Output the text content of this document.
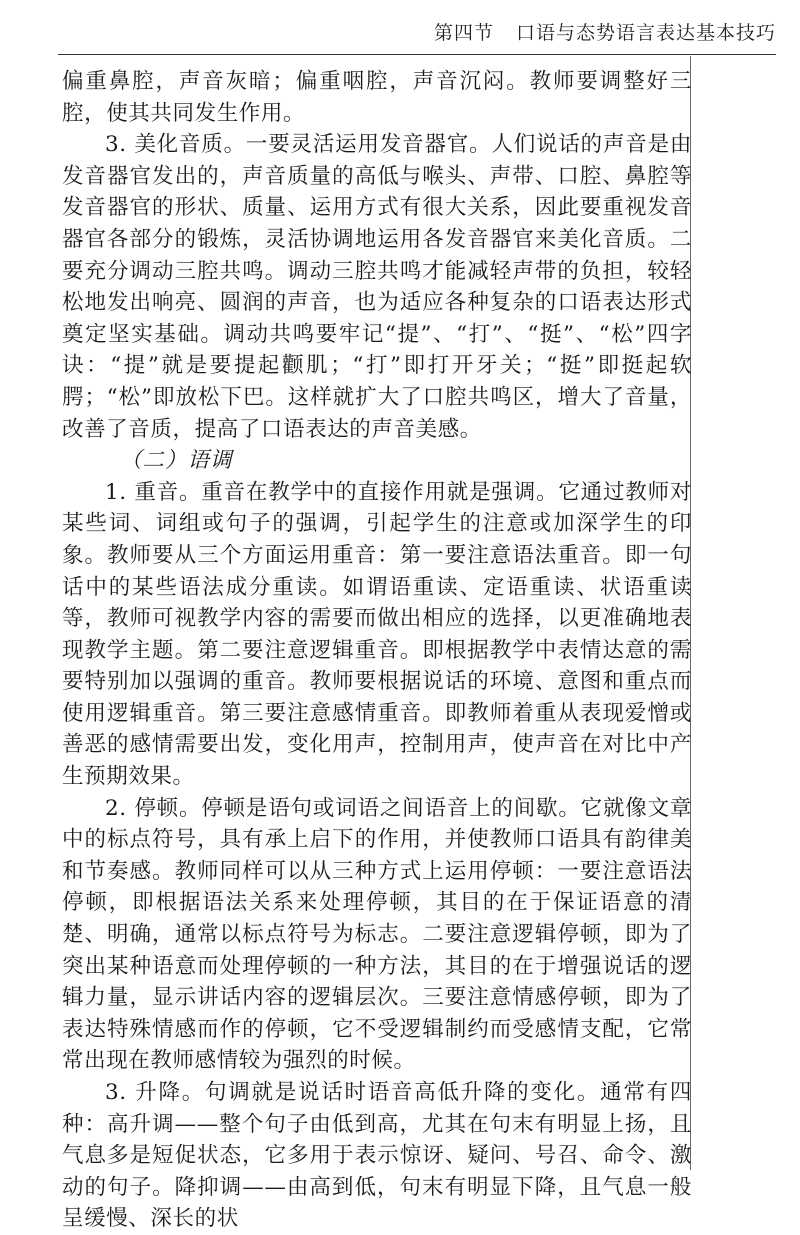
第四节 口语与态势语言表达基本技巧

偏重鼻腔，声音灰暗；偏重咽腔，声音沉闷。教师要调整好三腔，使其共同发生作用。

3. 美化音质。一要灵活运用发音器官。人们说话的声音是由发音器官发出的，声音质量的高低与喉头、声带、口腔、鼻腔等发音器官的形状、质量、运用方式有很大关系，因此要重视发音器官各部分的锻炼，灵活协调地运用各发音器官来美化音质。二要充分调动三腔共鸣。调动三腔共鸣才能减轻声带的负担，较轻松地发出响亮、圆润的声音，也为适应各种复杂的口语表达形式奠定坚实基础。调动共鸣要牢记“提”、“打”、“挺”、“松”四字诀：“提”就是要提起颧肌；“打”即打开牙关；“挺”即挺起软腭；“松”即放松下巴。这样就扩大了口腔共鸣区，增大了音量，改善了音质，提高了口语表达的声音美感。

（二）语调

1. 重音。重音在教学中的直接作用就是强调。它通过教师对某些词、词组或句子的强调，引起学生的注意或加深学生的印象。教师要从三个方面运用重音：第一要注意语法重音。即一句话中的某些语法成分重读。如谓语重读、定语重读、状语重读等，教师可视教学内容的需要而做出相应的选择，以更准确地表现教学主题。第二要注意逻辑重音。即根据教学中表情达意的需要特别加以强调的重音。教师要根据说话的环境、意图和重点而使用逻辑重音。第三要注意感情重音。即教师着重从表现爱憎或善恶的感情需要出发，变化用声，控制用声，使声音在对比中产生预期效果。

2. 停顿。停顿是语句或词语之间语音上的间歇。它就像文章中的标点符号，具有承上启下的作用，并使教师口语具有韵律美和节奏感。教师同样可以从三种方式上运用停顿：一要注意语法停顿，即根据语法关系来处理停顿，其目的在于保证语意的清楚、明确，通常以标点符号为标志。二要注意逻辑停顿，即为了突出某种语意而处理停顿的一种方法，其目的在于增强说话的逻辑力量，显示讲话内容的逻辑层次。三要注意情感停顿，即为了表达特殊情感而作的停顿，它不受逻辑制约而受感情支配，它常常出现在教师感情较为强烈的时候。

3. 升降。句调就是说话时语音高低升降的变化。通常有四种：高升调——整个句子由低到高，尤其在句末有明显上扬，且气息多是短促状态，它多用于表示惊讶、疑问、号召、命令、激动的句子。降抑调——由高到低，句末有明显下降，且气息一般呈缓慢、深长的状
